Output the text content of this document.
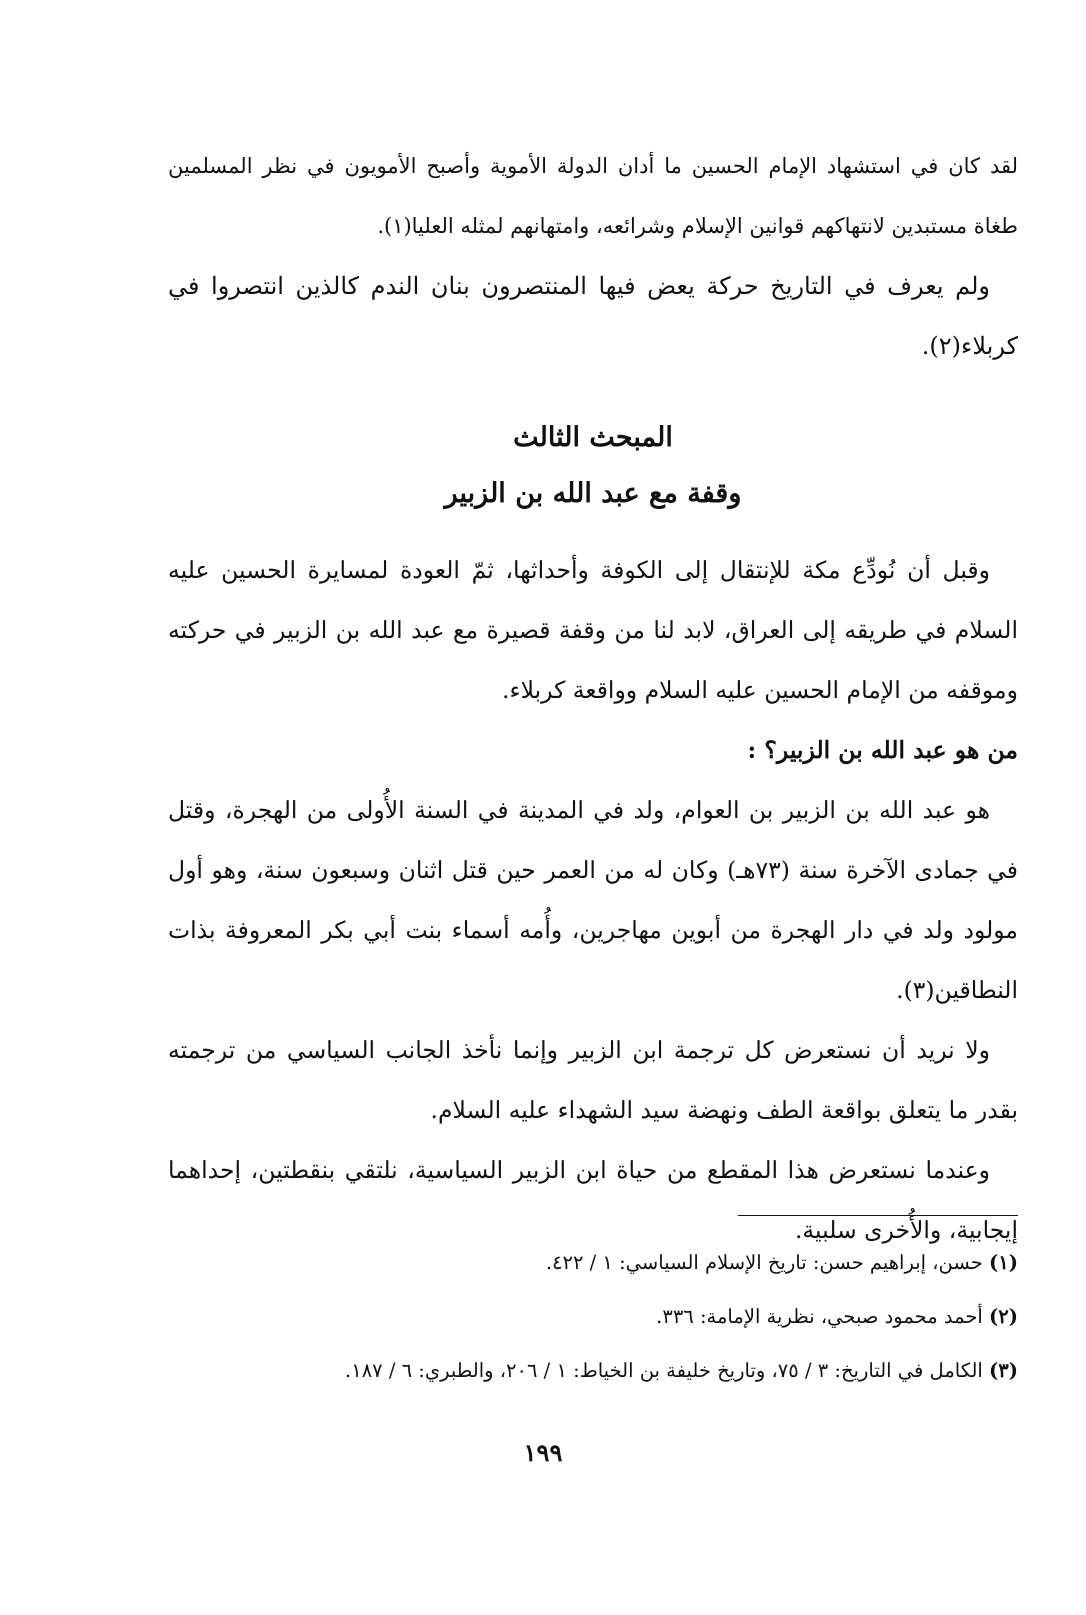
لقد كان في استشهاد الإمام الحسين ما أدان الدولة الأموية وأصبح الأمويون في نظر المسلمين طغاة مستبدين لانتهاكهم قوانين الإسلام وشرائعه، وامتهانهم لمثله العليا(١).

ولم يعرف في التاريخ حركة يعض فيها المنتصرون بنان الندم كالذين انتصروا في كربلاء(٢).

المبحث الثالث
وقفة مع عبد الله بن الزبير

وقبل أن نُودِّع مكة للإنتقال إلى الكوفة وأحداثها، ثمّ العودة لمسايرة الحسين عليه السلام في طريقه إلى العراق، لابد لنا من وقفة قصيرة مع عبد الله بن الزبير في حركته وموقفه من الإمام الحسين عليه السلام وواقعة كربلاء.

من هو عبد الله بن الزبير؟ :

هو عبد الله بن الزبير بن العوام، ولد في المدينة في السنة الأُولى من الهجرة، وقتل في جمادى الآخرة سنة (٧٣هـ) وكان له من العمر حين قتل اثنان وسبعون سنة، وهو أول مولود ولد في دار الهجرة من أبوين مهاجرين، وأُمه أسماء بنت أبي بكر المعروفة بذات النطاقين(٣).

ولا نريد أن نستعرض كل ترجمة ابن الزبير وإنما نأخذ الجانب السياسي من ترجمته بقدر ما يتعلق بواقعة الطف ونهضة سيد الشهداء عليه السلام.

وعندما نستعرض هذا المقطع من حياة ابن الزبير السياسية، نلتقي بنقطتين، إحداهما إيجابية، والأُخرى سلبية.

(١) حسن، إبراهيم حسن: تاريخ الإسلام السياسي: ١ / ٤٢٢.

(٢) أحمد محمود صبحي، نظرية الإمامة: ٣٣٦.

(٣) الكامل في التاريخ: ٣ / ٧٥، وتاريخ خليفة بن الخياط: ١ / ٢٠٦، والطبري: ٦ / ١٨٧.

١٩٩
